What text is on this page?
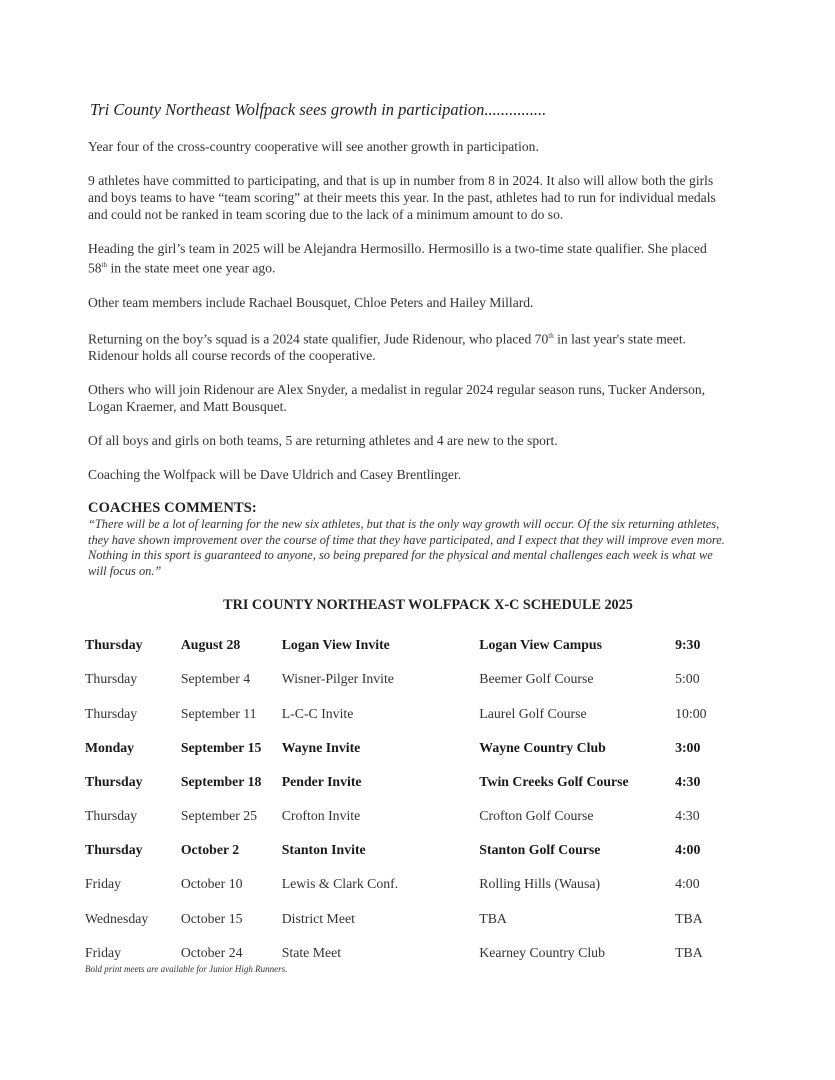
Tri County Northeast Wolfpack sees growth in participation...............

Year four of the cross-country cooperative will see another growth in participation.

9 athletes have committed to participating, and that is up in number from 8 in 2024. It also will allow both the girls and boys teams to have “team scoring” at their meets this year. In the past, athletes had to run for individual medals and could not be ranked in team scoring due to the lack of a minimum amount to do so.

Heading the girl’s team in 2025 will be Alejandra Hermosillo. Hermosillo is a two-time state qualifier. She placed 58th in the state meet one year ago.

Other team members include Rachael Bousquet, Chloe Peters and Hailey Millard.

Returning on the boy’s squad is a 2024 state qualifier, Jude Ridenour, who placed 70th in last year's state meet. Ridenour holds all course records of the cooperative.

Others who will join Ridenour are Alex Snyder, a medalist in regular 2024 regular season runs, Tucker Anderson, Logan Kraemer, and Matt Bousquet.

Of all boys and girls on both teams, 5 are returning athletes and 4 are new to the sport.

Coaching the Wolfpack will be Dave Uldrich and Casey Brentlinger.

COACHES COMMENTS:

“There will be a lot of learning for the new six athletes, but that is the only way growth will occur. Of the six returning athletes, they have shown improvement over the course of time that they have participated, and I expect that they will improve even more. Nothing in this sport is guaranteed to anyone, so being prepared for the physical and mental challenges each week is what we will focus on.”

TRI COUNTY NORTHEAST WOLFPACK X-C SCHEDULE 2025

Thursday	August 28	Logan View Invite	Logan View Campus	9:30
Thursday	September 4	Wisner-Pilger Invite	Beemer Golf Course	5:00
Thursday	September 11	L-C-C Invite	Laurel Golf Course	10:00
Monday	September 15	Wayne Invite	Wayne Country Club	3:00
Thursday	September 18	Pender Invite	Twin Creeks Golf Course	4:30
Thursday	September 25	Crofton Invite	Crofton Golf Course	4:30
Thursday	October 2	Stanton Invite	Stanton Golf Course	4:00
Friday	October 10	Lewis & Clark Conf.	Rolling Hills (Wausa)	4:00
Wednesday	October 15	District Meet	TBA	TBA
Friday	October 24	State Meet	Kearney Country Club	TBA

Bold print meets are available for Junior High Runners.
